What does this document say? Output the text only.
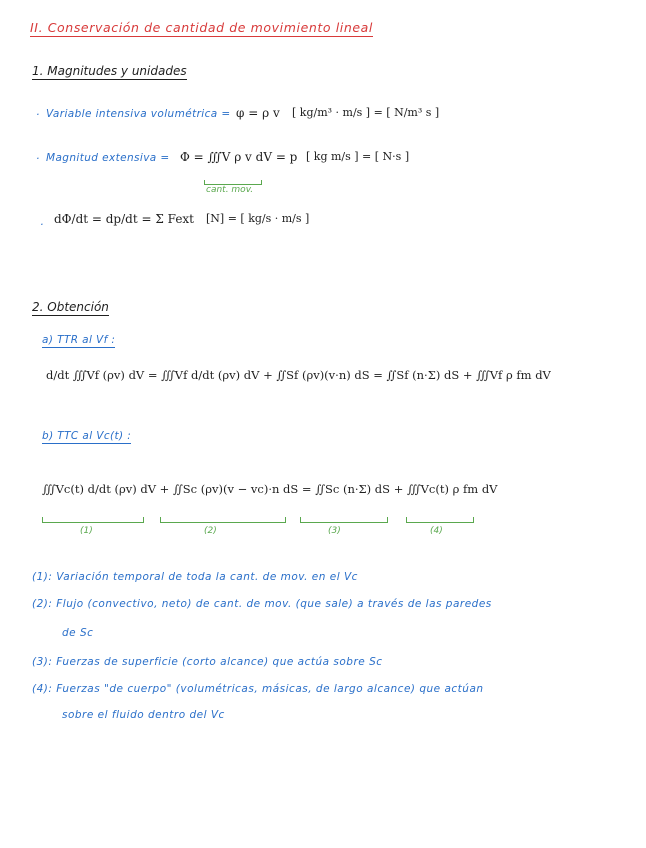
II. Conservación de cantidad de movimiento lineal
1. Magnitudes y unidades
· Variable intensiva volumétrica = φ = ρ v [ kg/m³ · m/s ] = [ N/m³ s ]
· Magnitud extensiva = Φ = ∭V ρ v dV = p [ kg m/s ] = [ N·s ]
cant. mov.
· dΦ/dt = dp/dt = Σ Fext [N] = [ kg/s · m/s ]
2. Obtención
a) TTR al Vf :
d/dt ∭Vf (ρv) dV = ∭Vf d/dt (ρv) dV + ∬Sf (ρv)(v·n) dS = ∬Sf (n·Σ) dS + ∭Vf ρ fm dV
b) TTC al Vc(t) :
∭Vc(t) d/dt (ρv) dV + ∬Sc (ρv)(v − vc)·n dS = ∬Sc (n·Σ) dS + ∭Vc(t) ρ fm dV
(1)	(2)	(3)	(4)
(1): Variación temporal de toda la cant. de mov. en el Vc
(2): Flujo (convectivo, neto) de cant. de mov. (que sale) a través de las paredes
de Sc
(3): Fuerzas de superficie (corto alcance) que actúa sobre Sc
(4): Fuerzas "de cuerpo" (volumétricas, másicas, de largo alcance) que actúan
sobre el fluido dentro del Vc
